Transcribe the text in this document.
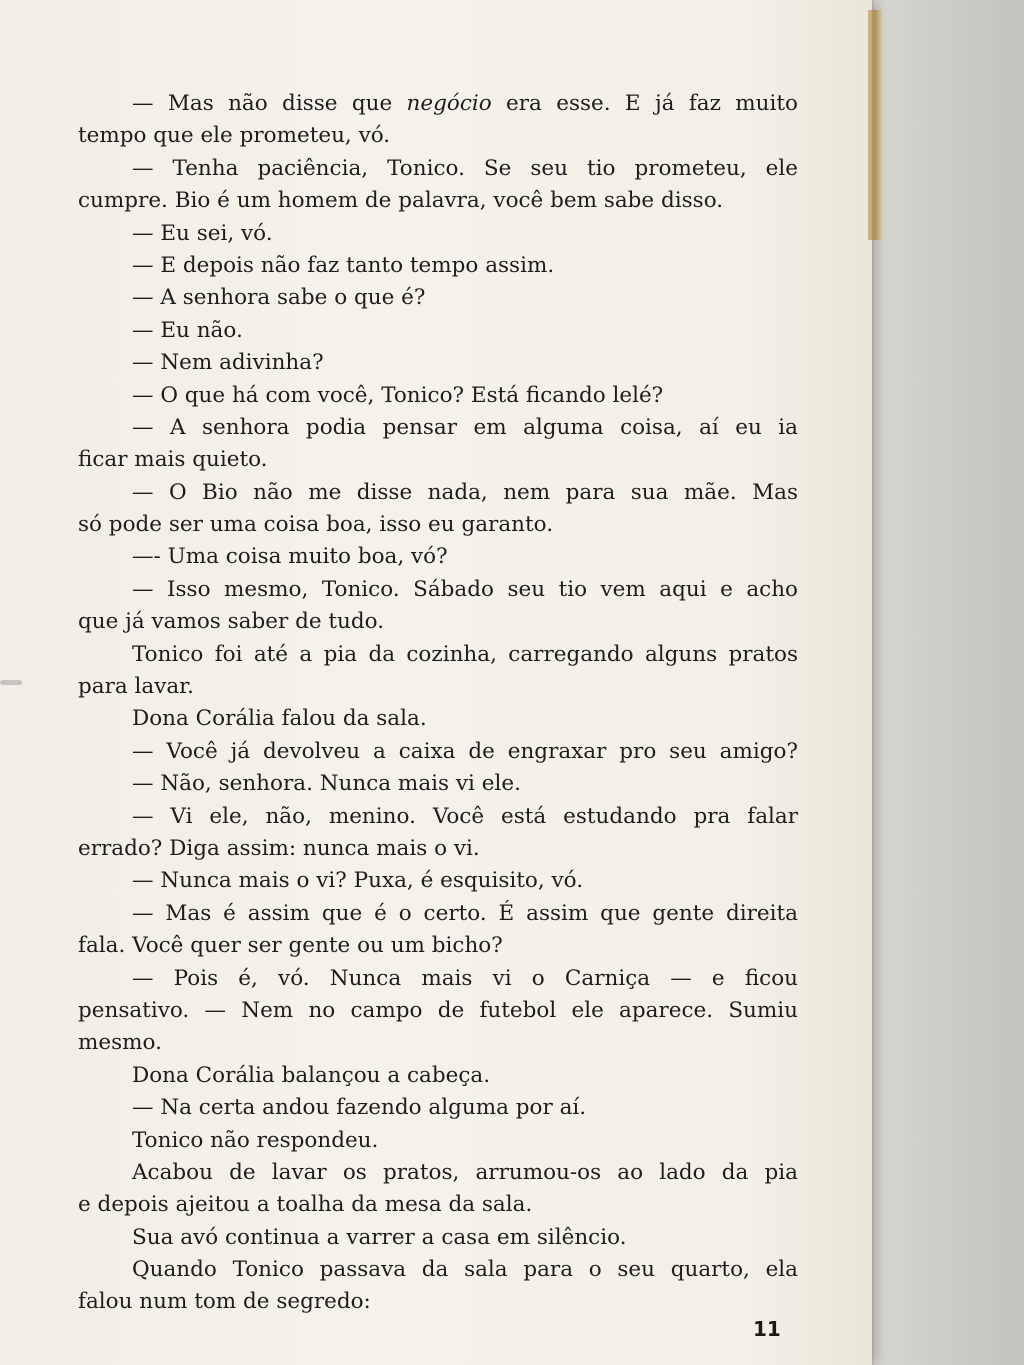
— Mas não disse que negócio era esse. E já faz muito
tempo que ele prometeu, vó.
— Tenha paciência, Tonico. Se seu tio prometeu, ele
cumpre. Bio é um homem de palavra, você bem sabe disso.
— Eu sei, vó.
— E depois não faz tanto tempo assim.
— A senhora sabe o que é?
— Eu não.
— Nem adivinha?
— O que há com você, Tonico? Está ficando lelé?
— A senhora podia pensar em alguma coisa, aí eu ia
ficar mais quieto.
— O Bio não me disse nada, nem para sua mãe. Mas
só pode ser uma coisa boa, isso eu garanto.
—- Uma coisa muito boa, vó?
— Isso mesmo, Tonico. Sábado seu tio vem aqui e acho
que já vamos saber de tudo.
Tonico foi até a pia da cozinha, carregando alguns pratos
para lavar.
Dona Corália falou da sala.
— Você já devolveu a caixa de engraxar pro seu amigo?
— Não, senhora. Nunca mais vi ele.
— Vi ele, não, menino. Você está estudando pra falar
errado? Diga assim: nunca mais o vi.
— Nunca mais o vi? Puxa, é esquisito, vó.
— Mas é assim que é o certo. É assim que gente direita
fala. Você quer ser gente ou um bicho?
— Pois é, vó. Nunca mais vi o Carniça — e ficou
pensativo. — Nem no campo de futebol ele aparece. Sumiu
mesmo.
Dona Corália balançou a cabeça.
— Na certa andou fazendo alguma por aí.
Tonico não respondeu.
Acabou de lavar os pratos, arrumou-os ao lado da pia
e depois ajeitou a toalha da mesa da sala.
Sua avó continua a varrer a casa em silêncio.
Quando Tonico passava da sala para o seu quarto, ela
falou num tom de segredo:
11
